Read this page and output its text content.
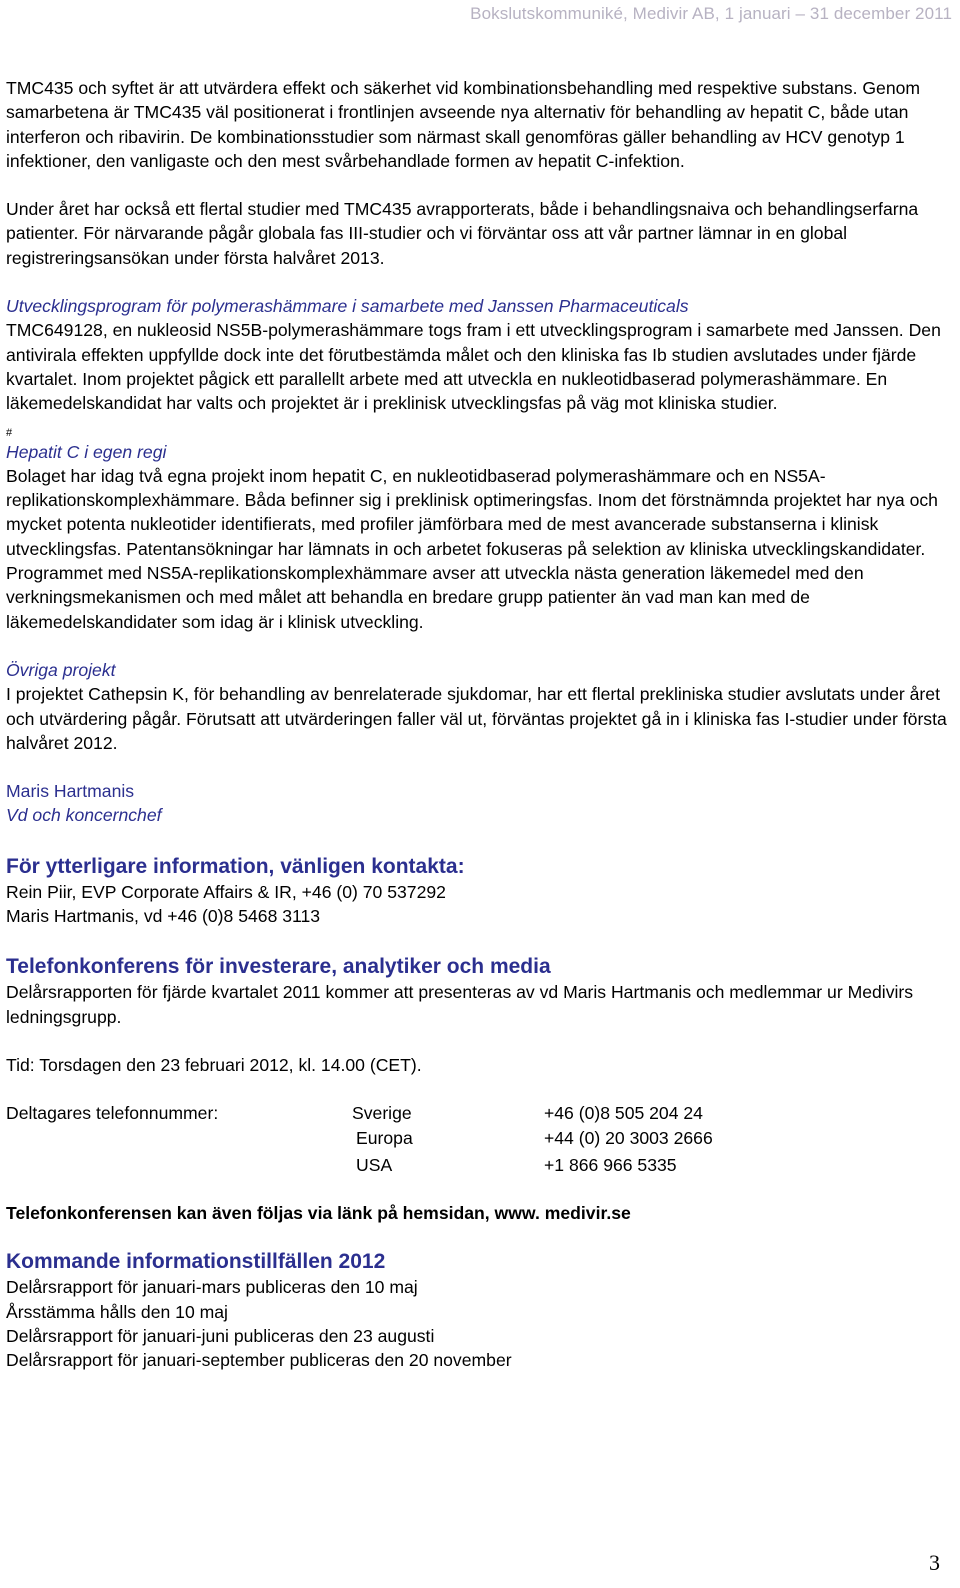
Bokslutskommuniké, Medivir AB, 1 januari – 31 december 2011

TMC435 och syftet är att utvärdera effekt och säkerhet vid kombinationsbehandling med respektive substans. Genom samarbetena är TMC435 väl positionerat i frontlinjen avseende nya alternativ för behandling av hepatit C, både utan interferon och ribavirin. De kombinationsstudier som närmast skall genomföras gäller behandling av HCV genotyp 1 infektioner, den vanligaste och den mest svårbehandlade formen av hepatit C-infektion.

Under året har också ett flertal studier med TMC435 avrapporterats, både i behandlingsnaiva och behandlingserfarna patienter. För närvarande pågår globala fas III-studier och vi förväntar oss att vår partner lämnar in en global registreringsansökan under första halvåret 2013.

Utvecklingsprogram för polymerashämmare i samarbete med Janssen Pharmaceuticals

TMC649128, en nukleosid NS5B-polymerashämmare togs fram i ett utvecklingsprogram i samarbete med Janssen. Den antivirala effekten uppfyllde dock inte det förutbestämda målet och den kliniska fas Ib studien avslutades under fjärde kvartalet. Inom projektet pågick ett parallellt arbete med att utveckla en nukleotidbaserad polymerashämmare. En läkemedelskandidat har valts och projektet är i preklinisk utvecklingsfas på väg mot kliniska studier.

#

Hepatit C i egen regi

Bolaget har idag två egna projekt inom hepatit C, en nukleotidbaserad polymerashämmare och en NS5A-replikationskomplexhämmare. Båda befinner sig i preklinisk optimeringsfas. Inom det förstnämnda projektet har nya och mycket potenta nukleotider identifierats, med profiler jämförbara med de mest avancerade substanserna i klinisk utvecklingsfas. Patentansökningar har lämnats in och arbetet fokuseras på selektion av kliniska utvecklingskandidater. Programmet med NS5A-replikationskomplexhämmare avser att utveckla nästa generation läkemedel med den verkningsmekanismen och med målet att behandla en bredare grupp patienter än vad man kan med de läkemedelskandidater som idag är i klinisk utveckling.

Övriga projekt

I projektet Cathepsin K, för behandling av benrelaterade sjukdomar, har ett flertal prekliniska studier avslutats under året och utvärdering pågår. Förutsatt att utvärderingen faller väl ut, förväntas projektet gå in i kliniska fas I-studier under första halvåret 2012.

Maris Hartmanis

Vd och koncernchef

För ytterligare information, vänligen kontakta:

Rein Piir, EVP Corporate Affairs & IR, +46 (0) 70 537292

Maris Hartmanis, vd +46 (0)8 5468 3113

Telefonkonferens för investerare, analytiker och media

Delårsrapporten för fjärde kvartalet 2011 kommer att presenteras av vd Maris Hartmanis och medlemmar ur Medivirs ledningsgrupp.

Tid: Torsdagen den 23 februari 2012, kl. 14.00 (CET).

Deltagares telefonnummer:	Sverige	+46 (0)8 505 204 24
Europa	+44 (0) 20 3003 2666
USA	+1 866 966 5335

Telefonkonferensen kan även följas via länk på hemsidan, www. medivir.se

Kommande informationstillfällen 2012

Delårsrapport för januari-mars publiceras den 10 maj

Årsstämma hålls den 10 maj

Delårsrapport för januari-juni publiceras den 23 augusti

Delårsrapport för januari-september publiceras den 20 november

3
